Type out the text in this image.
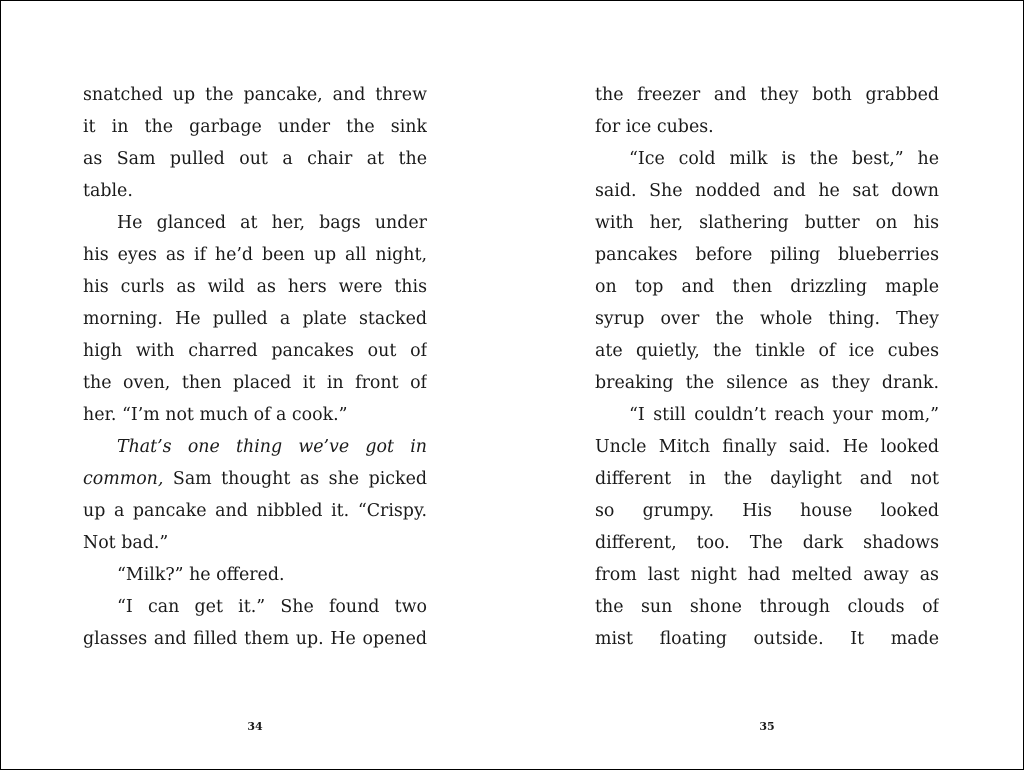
snatched up the pancake, and threw
it in the garbage under the sink
as Sam pulled out a chair at the
table.
He glanced at her, bags under
his eyes as if he’d been up all night,
his curls as wild as hers were this
morning. He pulled a plate stacked
high with charred pancakes out of
the oven, then placed it in front of
her. “I’m not much of a cook.”
That’s one thing we’ve got in
common, Sam thought as she picked
up a pancake and nibbled it. “Crispy.
Not bad.”
“Milk?” he offered.
“I can get it.” She found two
glasses and filled them up. He opened
the freezer and they both grabbed
for ice cubes.
“Ice cold milk is the best,” he
said. She nodded and he sat down
with her, slathering butter on his
pancakes before piling blueberries
on top and then drizzling maple
syrup over the whole thing. They
ate quietly, the tinkle of ice cubes
breaking the silence as they drank.
“I still couldn’t reach your mom,”
Uncle Mitch finally said. He looked
different in the daylight and not
so grumpy. His house looked
different, too. The dark shadows
from last night had melted away as
the sun shone through clouds of
mist floating outside. It made
34	35
